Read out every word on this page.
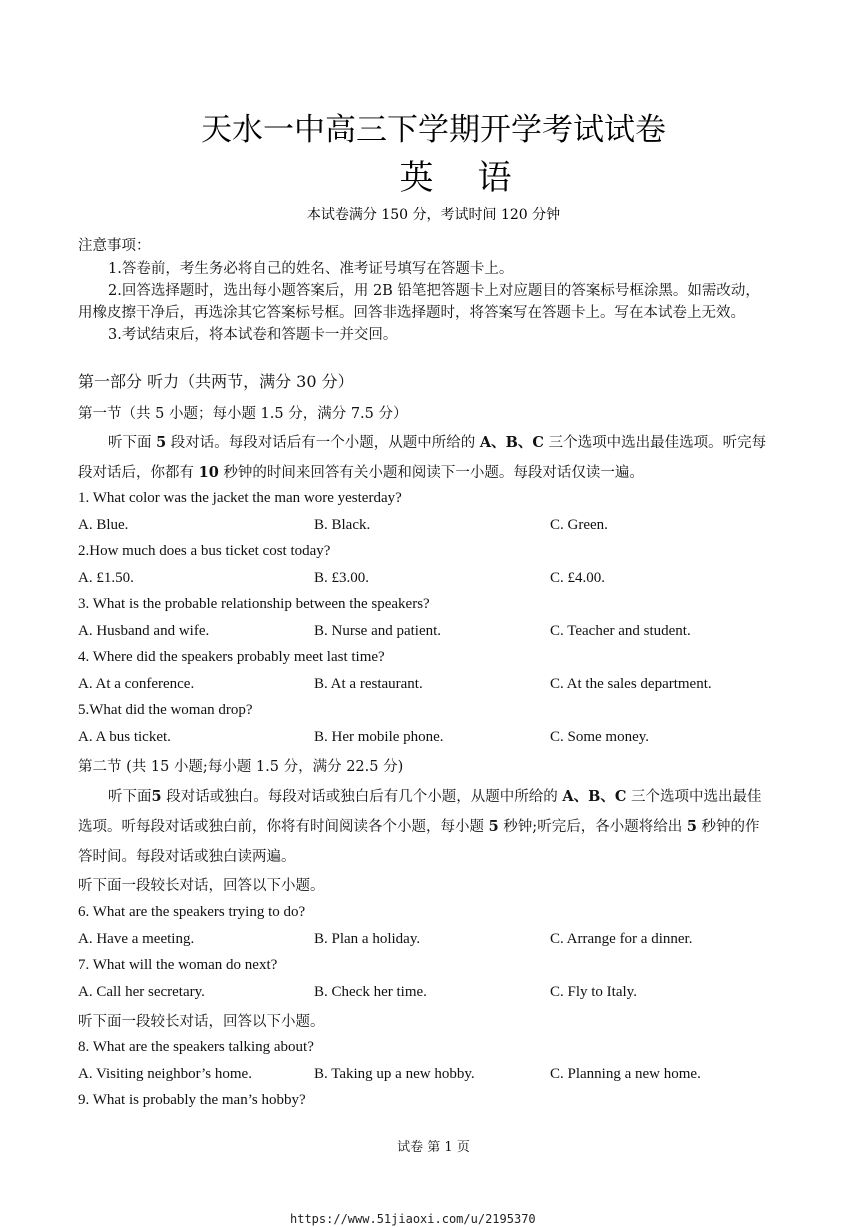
天水一中高三下学期开学考试试卷
英语
本试卷满分 150 分，考试时间 120 分钟
注意事项：
1.答卷前，考生务必将自己的姓名、准考证号填写在答题卡上。
2.回答选择题时，选出每小题答案后，用 2B 铅笔把答题卡上对应题目的答案标号框涂黑。如需改动，
用橡皮擦干净后，再选涂其它答案标号框。回答非选择题时，将答案写在答题卡上。写在本试卷上无效。
3.考试结束后，将本试卷和答题卡一并交回。
第一部分 听力（共两节，满分 30 分）
第一节（共 5 小题；每小题 1.5 分，满分 7.5 分）
听下面 5 段对话。每段对话后有一个小题，从题中所给的 A、B、C 三个选项中选出最佳选项。听完每
段对话后，你都有 10 秒钟的时间来回答有关小题和阅读下一小题。每段对话仅读一遍。
1. What color was the jacket the man wore yesterday?
A. Blue.	B. Black.	C. Green.
2.How much does a bus ticket cost today?
A. £1.50.	B. £3.00.	C. £4.00.
3. What is the probable relationship between the speakers?
A. Husband and wife.	B. Nurse and patient.	C. Teacher and student.
4. Where did the speakers probably meet last time?
A. At a conference.	B. At a restaurant.	C. At the sales department.
5.What did the woman drop?
A. A bus ticket.	B. Her mobile phone.	C. Some money.
第二节 (共 15 小题;每小题 1.5 分，满分 22.5 分)
听下面5 段对话或独白。每段对话或独白后有几个小题，从题中所给的 A、B、C 三个选项中选出最佳
选项。听每段对话或独白前，你将有时间阅读各个小题，每小题 5 秒钟;听完后，各小题将给出 5 秒钟的作
答时间。每段对话或独白读两遍。
听下面一段较长对话，回答以下小题。
6. What are the speakers trying to do?
A. Have a meeting.	B. Plan a holiday.	C. Arrange for a dinner.
7. What will the woman do next?
A. Call her secretary.	B. Check her time.	C. Fly to Italy.
听下面一段较长对话，回答以下小题。
8. What are the speakers talking about?
A. Visiting neighbor’s home.	B. Taking up a new hobby.	C. Planning a new home.
9. What is probably the man’s hobby?
试卷 第 1 页
https://www.51jiaoxi.com/u/2195370
